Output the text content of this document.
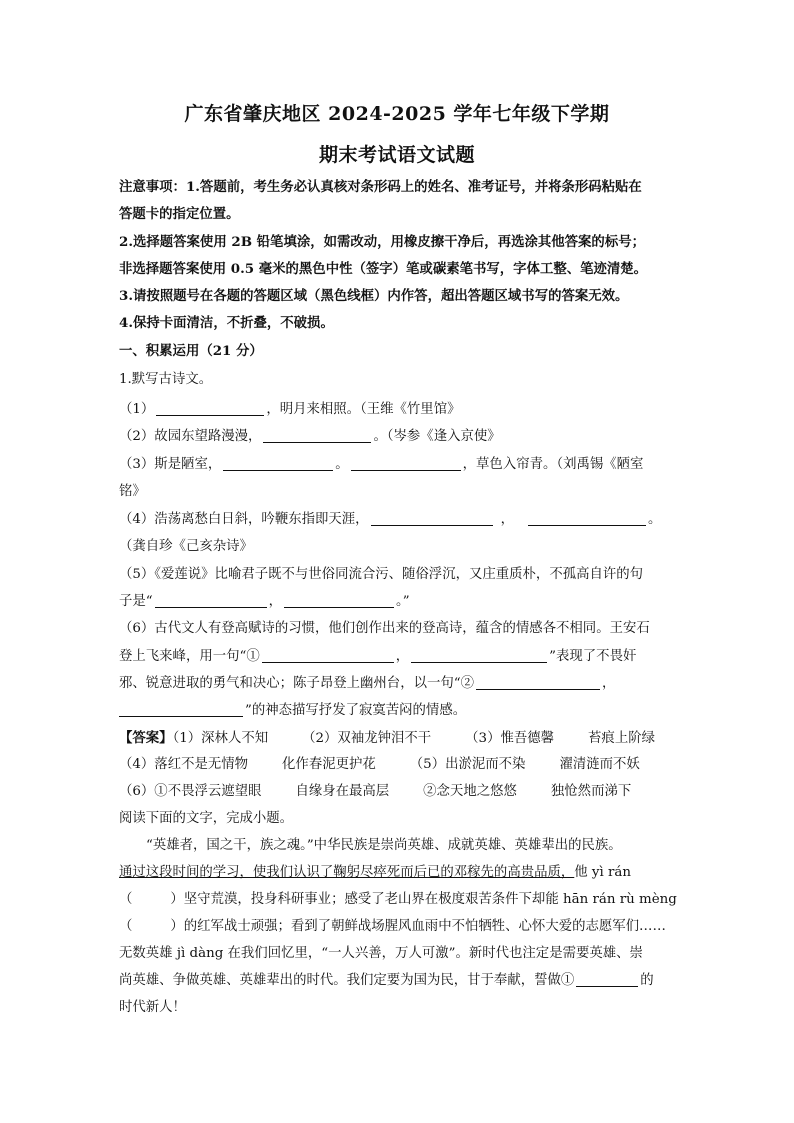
广东省肇庆地区 2024-2025 学年七年级下学期
期末考试语文试题
注意事项：1.答题前，考生务必认真核对条形码上的姓名、准考证号，并将条形码粘贴在
答题卡的指定位置。
2.选择题答案使用 2B 铅笔填涂，如需改动，用橡皮擦干净后，再选涂其他答案的标号；
非选择题答案使用 0.5 毫米的黑色中性（签字）笔或碳素笔书写，字体工整、笔迹清楚。
3.请按照题号在各题的答题区域（黑色线框）内作答，超出答题区域书写的答案无效。
4.保持卡面清洁，不折叠，不破损。
一、积累运用（21 分）
1.默写古诗文。
（1）	，明月来相照。（王维《竹里馆》
（2）故园东望路漫漫，	。（岑参《逢入京使》
（3）斯是陋室，	。	，草色入帘青。（刘禹锡《陋室
铭》
（4）浩荡离愁白日斜，吟鞭东指即天涯，	，	。
（龚自珍《己亥杂诗》
（5）《爱莲说》比喻君子既不与世俗同流合污、随俗浮沉，又庄重质朴，不孤高自许的句
子是“	，	。”
（6）古代文人有登高赋诗的习惯，他们创作出来的登高诗，蕴含的情感各不相同。王安石
登上飞来峰，用一句“①	，	”表现了不畏奸
邪、锐意进取的勇气和决心；陈子昂登上幽州台，以一句“②	，
”的神态描写抒发了寂寞苦闷的情感。
【答案】（1）深林人不知	（2）双袖龙钟泪不干	（3）惟吾德馨	苔痕上阶绿
（4）落红不是无情物	化作春泥更护花	（5）出淤泥而不染	濯清涟而不妖
（6）①不畏浮云遮望眼	自缘身在最高层	②念天地之悠悠	独怆然而涕下
阅读下面的文字，完成小题。
“英雄者，国之干，族之魂。”中华民族是崇尚英雄、成就英雄、英雄辈出的民族。
通过这段时间的学习，使我们认识了鞠躬尽瘁死而后已的邓稼先的高贵品质，他 yì rán
（	）坚守荒漠，投身科研事业；感受了老山界在极度艰苦条件下却能 hān rán rù mèng
（	）的红军战士顽强；看到了朝鲜战场腥风血雨中不怕牺牲、心怀大爱的志愿军们……
无数英雄 jì dàng 在我们回忆里，“一人兴善，万人可激”。新时代也注定是需要英雄、崇
尚英雄、争做英雄、英雄辈出的时代。我们定要为国为民，甘于奉献，誓做①	的
时代新人！
